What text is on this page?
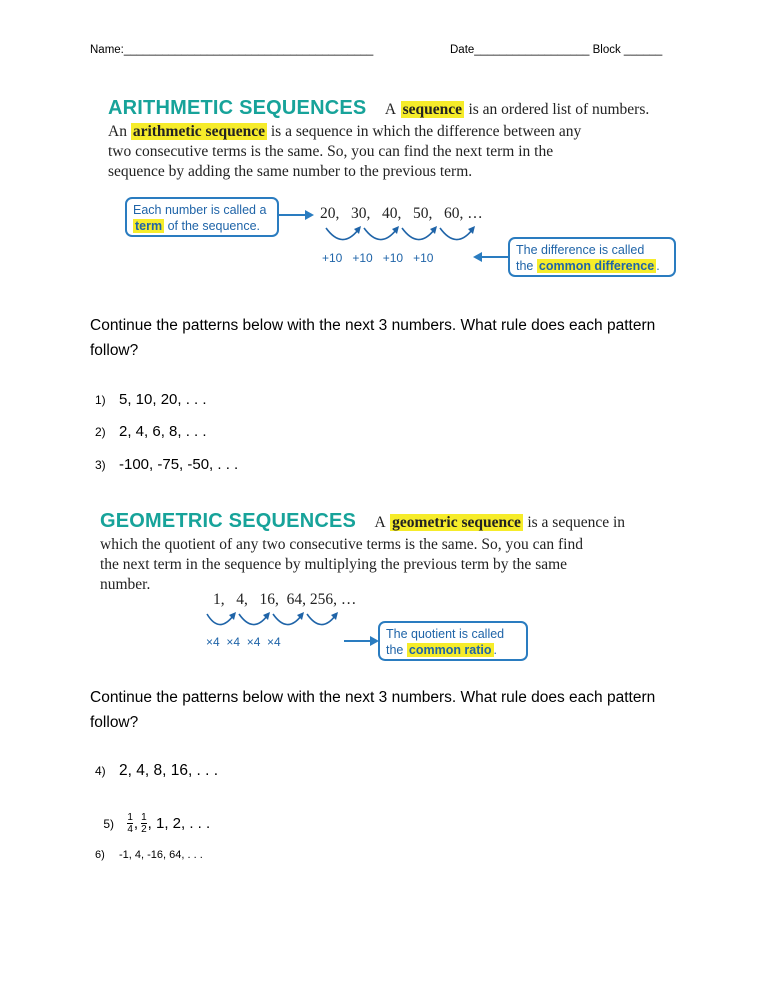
Name:_______________________________________	Date__________________ Block ______
ARITHMETIC SEQUENCES A sequence is an ordered list of numbers.
An arithmetic sequence is a sequence in which the difference between any
two consecutive terms is the same. So, you can find the next term in the
sequence by adding the same number to the previous term.
Each number is called a
term of the sequence.
20,   30,   40,   50,   60, …
+10   +10   +10   +10
The difference is called
the common difference .
Continue the patterns below with the next 3 numbers. What rule does each pattern follow?
1) 5, 10, 20, . . .
2) 2, 4, 6, 8, . . .
3) -100, -75, -50, . . .
GEOMETRIC SEQUENCES A geometric sequence is a sequence in
which the quotient of any two consecutive terms is the same. So, you can find
the next term in the sequence by multiplying the previous term by the same
number.
1,   4,   16,  64, 256, …
×4  ×4  ×4  ×4
The quotient is called
the common ratio .
Continue the patterns below with the next 3 numbers. What rule does each pattern follow?
4) 2, 4, 8, 16, . . .

$5) \frac{1}{4}$ , $\frac{1}{2}$ , 1, 2, . . .

6) -1, 4, -16, 64, . . .
